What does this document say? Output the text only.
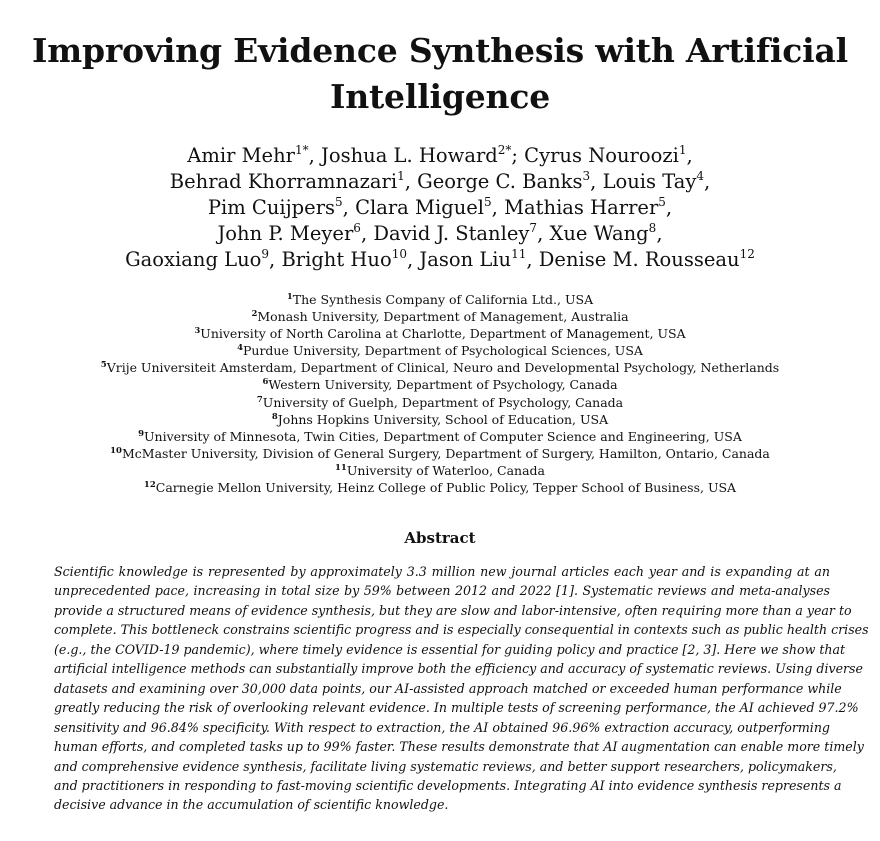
Improving Evidence Synthesis with Artificial
Intelligence
Amir Mehr$^{1*}$, Joshua L. Howard$^{2*}$; Cyrus Nouroozi$^1$,
Behrad Khorramnazari$^1$, George C. Banks$^3$, Louis Tay$^4$,
Pim Cuijpers$^5$, Clara Miguel$^5$, Mathias Harrer$^5$,
John P. Meyer$^6$, David J. Stanley$^7$, Xue Wang$^8$,
Gaoxiang Luo$^9$, Bright Huo$^{10}$, Jason Liu$^{11}$, Denise M. Rousseau$^{12}$
$^1$The Synthesis Company of California Ltd., USA
$^2$Monash University, Department of Management, Australia
$^3$University of North Carolina at Charlotte, Department of Management, USA
$^4$Purdue University, Department of Psychological Sciences, USA
$^5$Vrije Universiteit Amsterdam, Department of Clinical, Neuro and Developmental Psychology, Netherlands
$^6$Western University, Department of Psychology, Canada
$^7$University of Guelph, Department of Psychology, Canada
$^8$Johns Hopkins University, School of Education, USA
$^9$University of Minnesota, Twin Cities, Department of Computer Science and Engineering, USA
$^{10}$McMaster University, Division of General Surgery, Department of Surgery, Hamilton, Ontario, Canada
$^{11}$University of Waterloo, Canada
$^{12}$Carnegie Mellon University, Heinz College of Public Policy, Tepper School of Business, USA
Abstract
Scientific knowledge is represented by approximately 3.3 million new journal articles each year and is expanding at an
unprecedented pace, increasing in total size by 59% between 2012 and 2022 [1]. Systematic reviews and meta-analyses
provide a structured means of evidence synthesis, but they are slow and labor-intensive, often requiring more than a year to
complete. This bottleneck constrains scientific progress and is especially consequential in contexts such as public health crises
(e.g., the COVID-19 pandemic), where timely evidence is essential for guiding policy and practice [2, 3]. Here we show that
artificial intelligence methods can substantially improve both the efficiency and accuracy of systematic reviews. Using diverse
datasets and examining over 30,000 data points, our AI-assisted approach matched or exceeded human performance while
greatly reducing the risk of overlooking relevant evidence. In multiple tests of screening performance, the AI achieved 97.2%
sensitivity and 96.84% specificity. With respect to extraction, the AI obtained 96.96% extraction accuracy, outperforming
human efforts, and completed tasks up to 99% faster. These results demonstrate that AI augmentation can enable more timely
and comprehensive evidence synthesis, facilitate living systematic reviews, and better support researchers, policymakers,
and practitioners in responding to fast-moving scientific developments. Integrating AI into evidence synthesis represents a
decisive advance in the accumulation of scientific knowledge.
